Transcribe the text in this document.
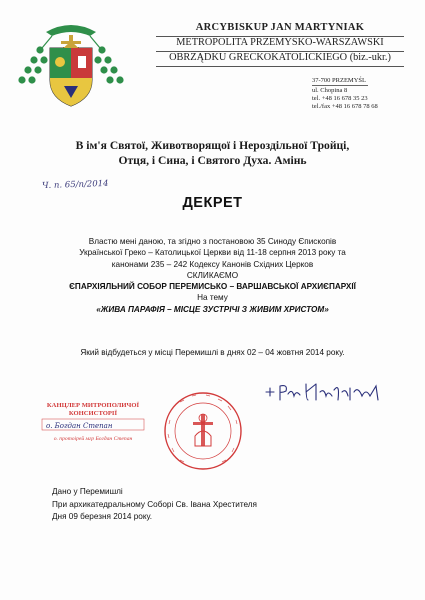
ARCYBISKUP JAN MARTYNIAK
METROPOLITA PRZEMYSKO-WARSZAWSKI
OBRZĄDKU GRECKOKATOLICKIEGO (biz.-ukr.)
37-700 PRZEMYŚL
ul. Chopina 8
tel. +48 16 678 35 23
tel./fax +48 16 678 78 68
В ім'я Святої, Животворящої і Нероздільної Тройці,
Отця, і Сина, і Святого Духа. Амінь
Ч. п. 65/п/2014
ДЕКРЕТ
Властю мені даною, та згідно з постановою 35 Синоду Єпископів
Української Греко – Католицької Церкви від 11-18 серпня 2013 року та
канонами 235 – 242 Кодексу Канонів Східних Церков
СКЛИКАЄМО
ЄПАРХІЯЛЬНИЙ СОБОР ПЕРЕМИСЬКО – ВАРШАВСЬКОЇ АРХИЄПАРХІЇ
На тему
«ЖИВА ПАРАФІЯ – МІСЦЕ ЗУСТРІЧІ З ЖИВИМ ХРИСТОМ»
Який відбудеться у місці Перемишлі в днях 02 – 04 жовтня 2014 року.
КАНЦЛЕР МИТРОПОЛИЧОЇ
КОНСИСТОРІЇ
о. Богдан Степан
о. протоірей мгр Богдан Степан
Дано у Перемишлі
При архикатедральному Соборі Св. Івана Хрестителя
Дня 09 березня 2014 року.
